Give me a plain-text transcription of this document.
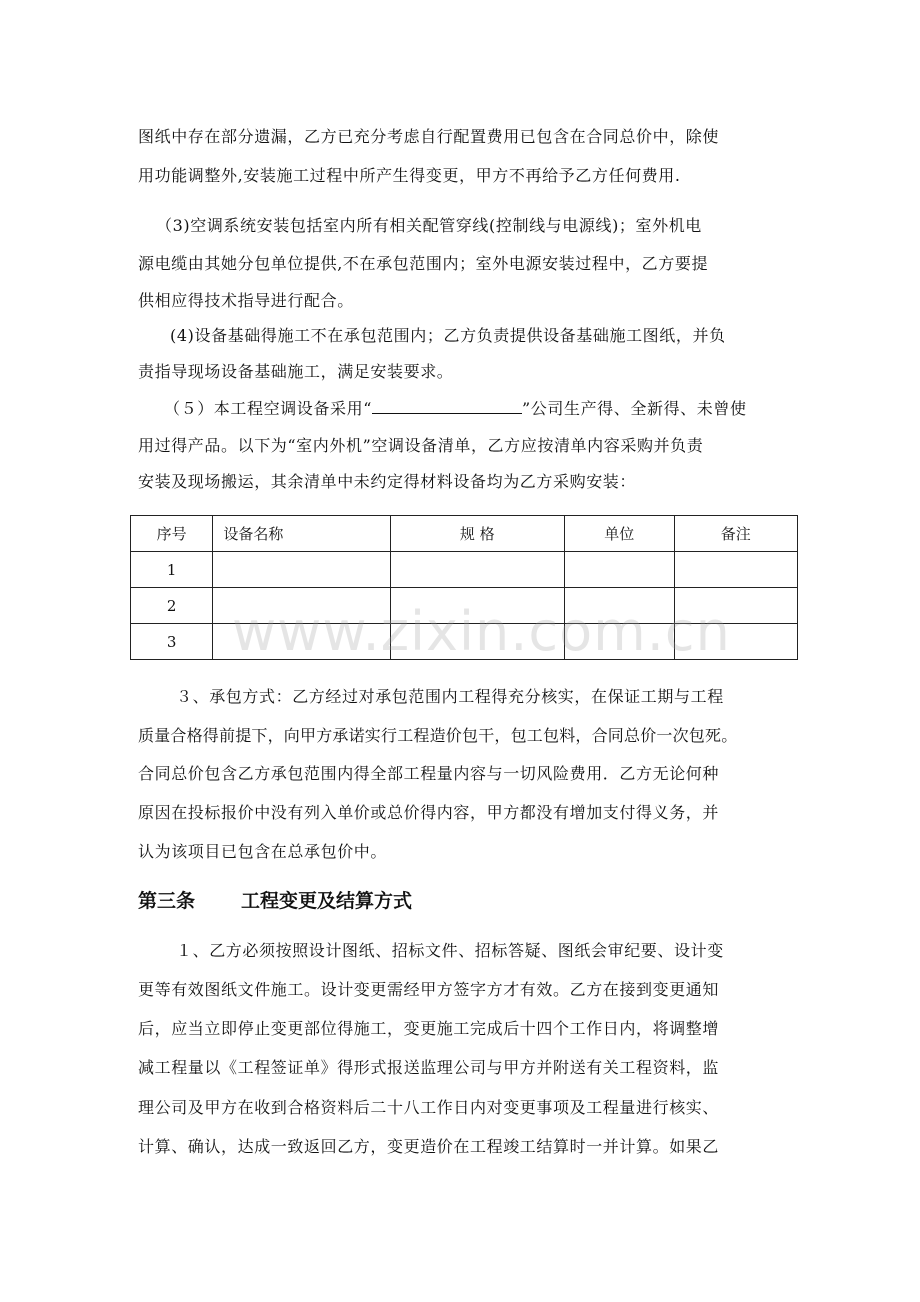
图纸中存在部分遗漏，乙方已充分考虑自行配置费用已包含在合同总价中，除使
用功能调整外,安装施工过程中所产生得变更，甲方不再给予乙方任何费用.
（3)空调系统安装包括室内所有相关配管穿线(控制线与电源线)；室外机电
源电缆由其她分包单位提供,不在承包范围内；室外电源安装过程中，乙方要提
供相应得技术指导进行配合。
(4)设备基础得施工不在承包范围内；乙方负责提供设备基础施工图纸，并负
责指导现场设备基础施工，满足安装要求。
（５）本工程空调设备采用“	”公司生产得、全新得、未曾使
用过得产品。以下为“室内外机”空调设备清单，乙方应按清单内容采购并负责
安装及现场搬运，其余清单中未约定得材料设备均为乙方采购安装：
序号	设备名称	规 格	单位	备注
1				
2				
3				www.zixin.com.cn
３、承包方式：乙方经过对承包范围内工程得充分核实，在保证工期与工程
质量合格得前提下，向甲方承诺实行工程造价包干，包工包料，合同总价一次包死。
合同总价包含乙方承包范围内得全部工程量内容与一切风险费用．乙方无论何种
原因在投标报价中没有列入单价或总价得内容，甲方都没有增加支付得义务，并
认为该项目已包含在总承包价中。
第三条 工程变更及结算方式
１、乙方必须按照设计图纸、招标文件、招标答疑、图纸会审纪要、设计变
更等有效图纸文件施工。设计变更需经甲方签字方才有效。乙方在接到变更通知
后，应当立即停止变更部位得施工，变更施工完成后十四个工作日内，将调整增
减工程量以《工程签证单》得形式报送监理公司与甲方并附送有关工程资料，监
理公司及甲方在收到合格资料后二十八工作日内对变更事项及工程量进行核实、
计算、确认，达成一致返回乙方，变更造价在工程竣工结算时一并计算。如果乙
